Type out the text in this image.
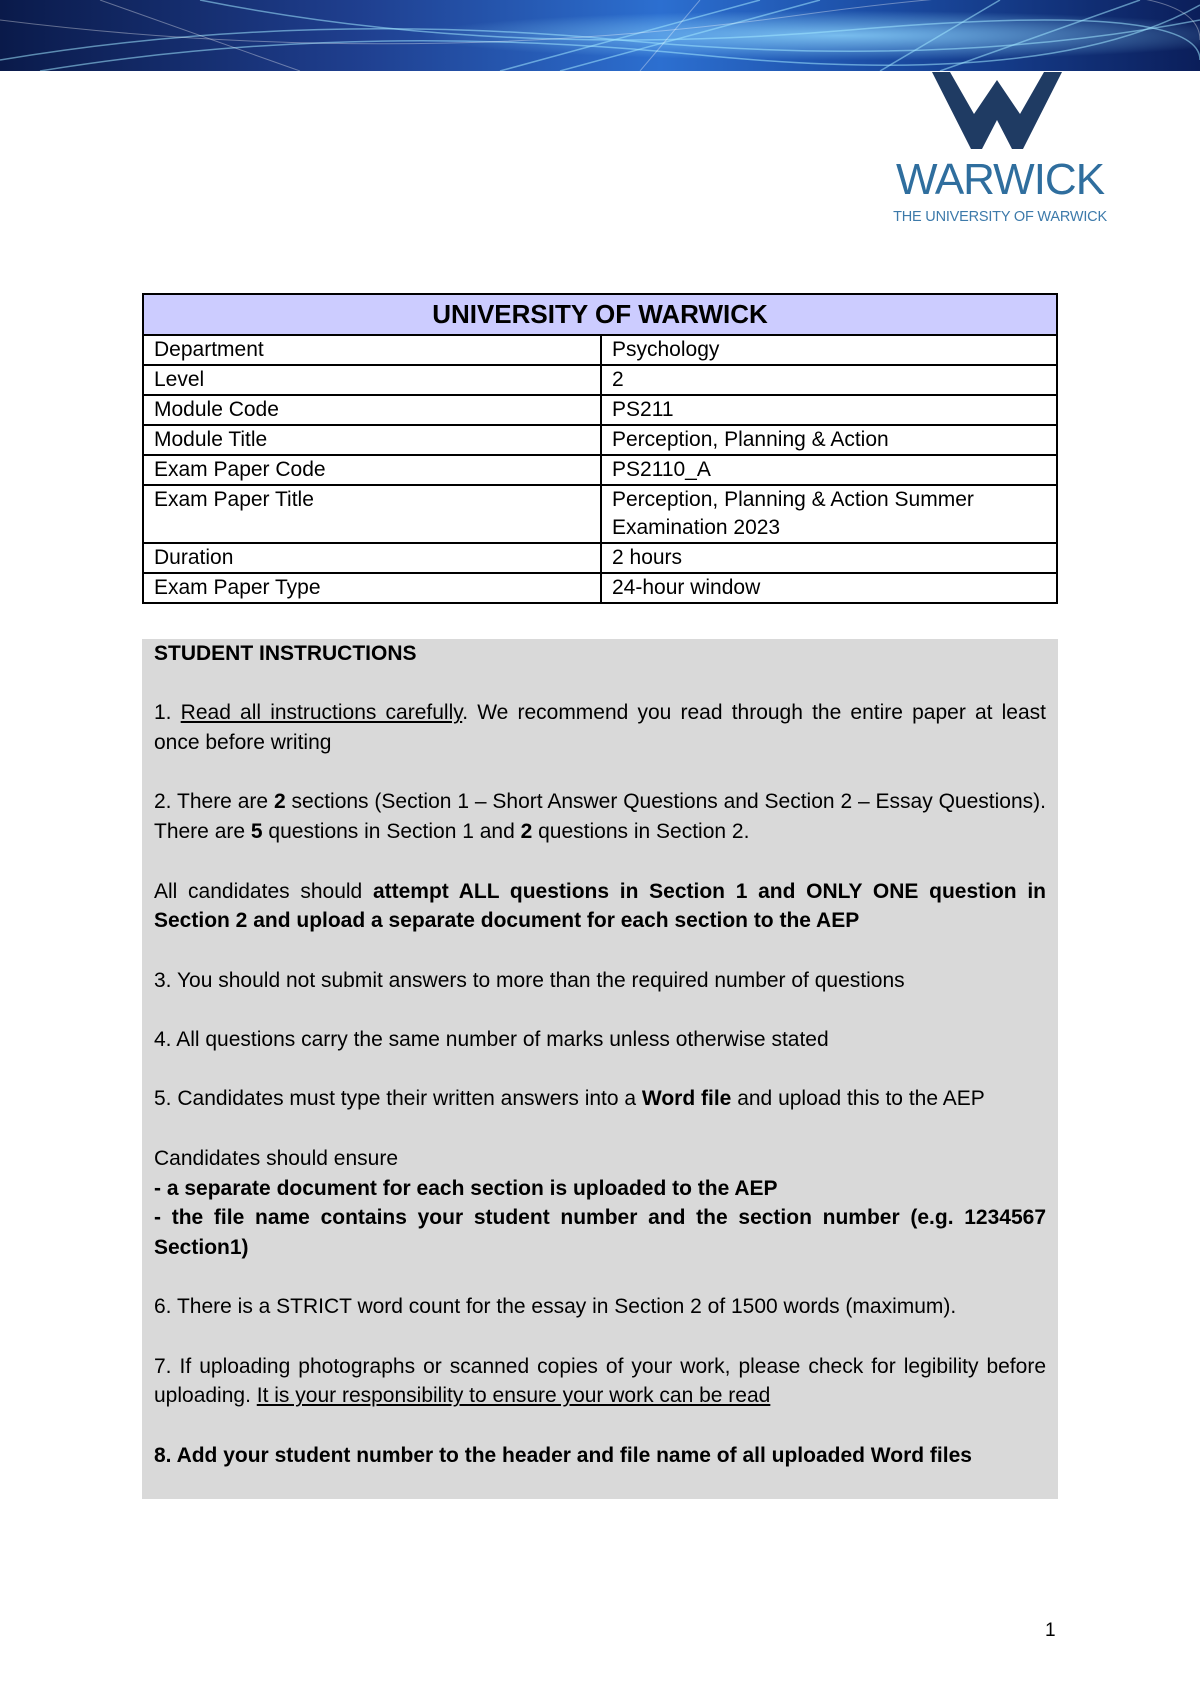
WARWICK
THE UNIVERSITY OF WARWICK
UNIVERSITY OF WARWICK	
Department	Psychology
Level	2
Module Code	PS211
Module Title	Perception, Planning & Action
Exam Paper Code	PS2110_A
Exam Paper Title	Perception, Planning & Action Summer Examination 2023
Duration	2 hours
Exam Paper Type	24-hour window

STUDENT INSTRUCTIONS

1. Read all instructions carefully. We recommend you read through the entire paper at least once before writing

2. There are 2 sections (Section 1 – Short Answer Questions and Section 2 – Essay Questions). There are 5 questions in Section 1 and 2 questions in Section 2.

All candidates should attempt ALL questions in Section 1 and ONLY ONE question in Section 2 and upload a separate document for each section to the AEP

3. You should not submit answers to more than the required number of questions

4. All questions carry the same number of marks unless otherwise stated

5. Candidates must type their written answers into a Word file and upload this to the AEP

Candidates should ensure
- a separate document for each section is uploaded to the AEP
- the file name contains your student number and the section number (e.g. 1234567 Section1)

6. There is a STRICT word count for the essay in Section 2 of 1500 words (maximum).

7. If uploading photographs or scanned copies of your work, please check for legibility before uploading. It is your responsibility to ensure your work can be read

8. Add your student number to the header and file name of all uploaded Word files

1
